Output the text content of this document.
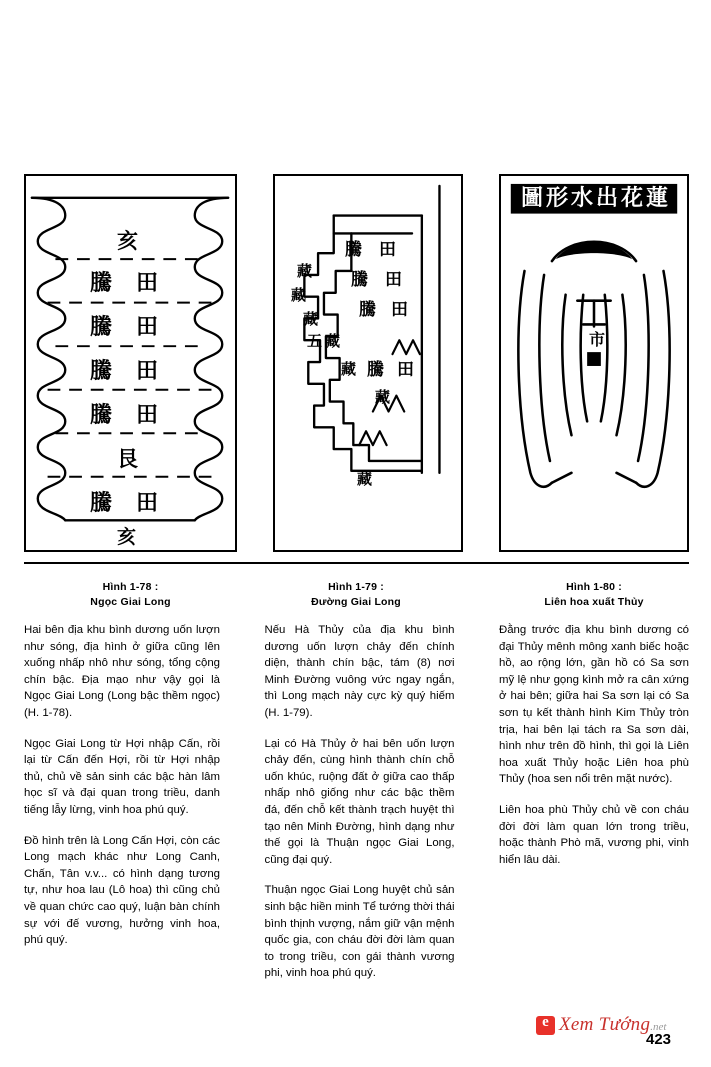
亥
騰 田
騰 田
騰 田
騰 田
艮
騰 田
亥
藏
藏
藏
騰 田
騰 田
五 藏
騰 田
藏 騰 田
藏
藏
圖形水出花蓮
市
Hình 1-78 :
Ngọc Giai Long
Hình 1-79 :
Đường Giai Long
Hình 1-80 :
Liên hoa xuất Thủy

Hai bên địa khu bình dương uốn lượn như sóng, địa hình ở giữa cũng lên xuống nhấp nhô như sóng, tổng cộng chín bậc. Địa mạo như vậy gọi là Ngọc Giai Long (Long bậc thềm ngọc) (H. 1-78).

Ngọc Giai Long từ Hợi nhập Cấn, rồi lại từ Cấn đến Hợi, rồi từ Hợi nhập thủ, chủ về sản sinh các bậc hàn lâm học sĩ và đại quan trong triều, danh tiếng lẫy lừng, vinh hoa phú quý.

Đồ hình trên là Long Cấn Hợi, còn các Long mạch khác như Long Canh, Chấn, Tân v.v... có hình dạng tương tự, như hoa lau (Lô hoa) thì cũng chủ về quan chức cao quý, luận bàn chính sự với đế vương, hưởng vinh hoa, phú quý.

Nếu Hà Thủy của địa khu bình dương uốn lượn chảy đến chính diện, thành chín bậc, tám (8) nơi Minh Đường vuông vức ngay ngắn, thì Long mạch này cực kỳ quý hiếm (H. 1-79).

Lại có Hà Thủy ở hai bên uốn lượn chảy đến, cùng hình thành chín chỗ uốn khúc, ruộng đất ở giữa cao thấp nhấp nhô giống như các bậc thềm đá, đến chỗ kết thành trạch huyệt thì tạo nên Minh Đường, hình dạng như thế gọi là Thuận ngọc Giai Long, cũng đại quý.

Thuận ngọc Giai Long huyệt chủ sản sinh bậc hiền minh Tể tướng thời thái bình thịnh vượng, nắm giữ vận mệnh quốc gia, con cháu đời đời làm quan to trong triều, con gái thành vương phi, vinh hoa phú quý.

Đằng trước địa khu bình dương có đại Thủy mênh mông xanh biếc hoặc hồ, ao rộng lớn, gần hồ có Sa sơn mỹ lệ như gọng kình mở ra cân xứng ở hai bên; giữa hai Sa sơn lại có Sa sơn tụ kết thành hình Kim Thủy tròn trịa, hai bên lại tách ra Sa sơn dài, hình như trên đồ hình, thì gọi là Liên hoa xuất Thủy hoặc Liên hoa phù Thủy (hoa sen nổi trên mặt nước).

Liên hoa phù Thủy chủ về con cháu đời đời làm quan lớn trong triều, hoặc thành Phò mã, vương phi, vinh hiển lâu dài.

e
Xem Tướng.net
423
